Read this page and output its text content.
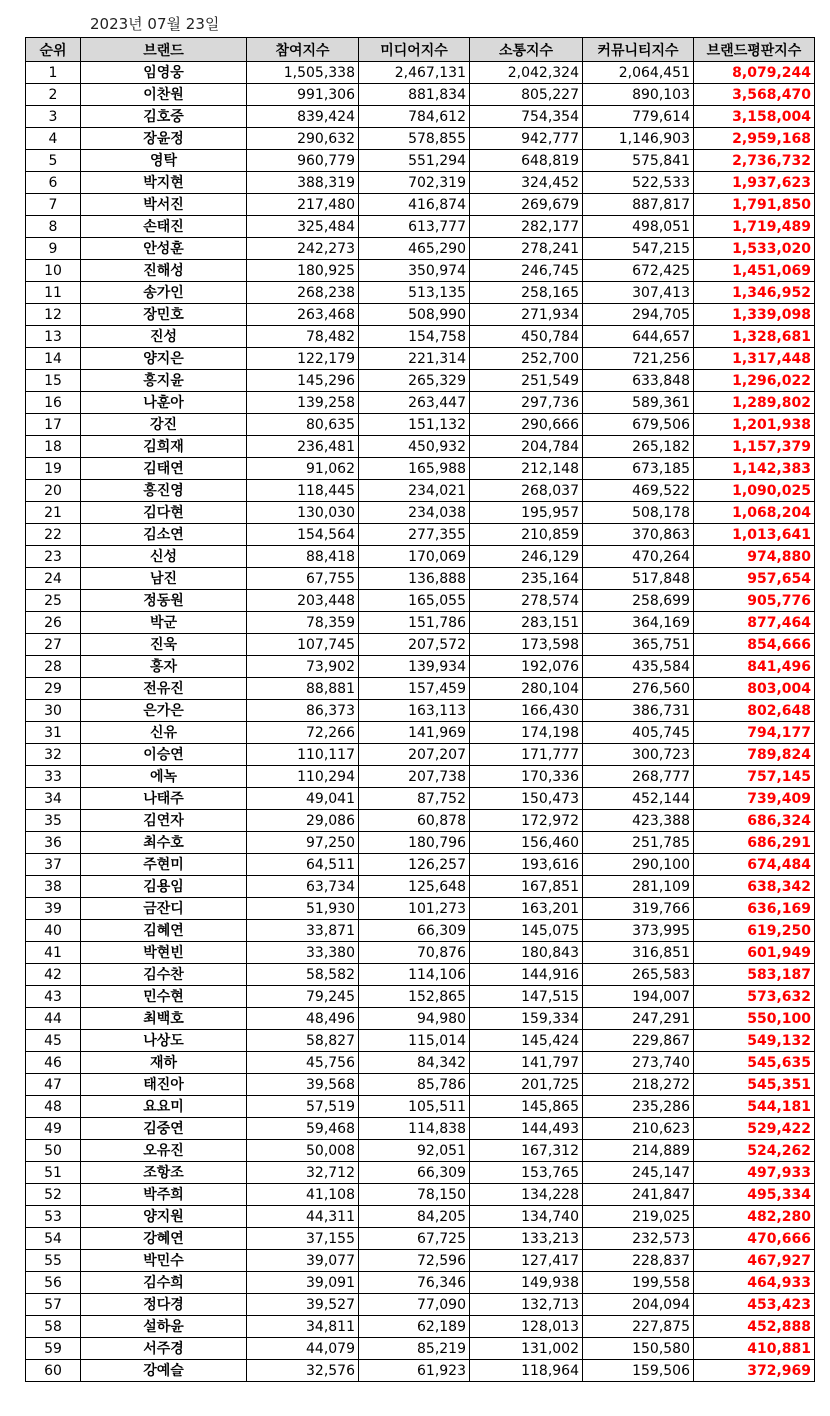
2023년 07월 23일
순위	브랜드	참여지수	미디어지수	소통지수	커뮤니티지수	브랜드평판지수
1	임영웅	1,505,338	2,467,131	2,042,324	2,064,451	8,079,244
2	이찬원	991,306	881,834	805,227	890,103	3,568,470
3	김호중	839,424	784,612	754,354	779,614	3,158,004
4	장윤정	290,632	578,855	942,777	1,146,903	2,959,168
5	영탁	960,779	551,294	648,819	575,841	2,736,732
6	박지현	388,319	702,319	324,452	522,533	1,937,623
7	박서진	217,480	416,874	269,679	887,817	1,791,850
8	손태진	325,484	613,777	282,177	498,051	1,719,489
9	안성훈	242,273	465,290	278,241	547,215	1,533,020
10	진해성	180,925	350,974	246,745	672,425	1,451,069
11	송가인	268,238	513,135	258,165	307,413	1,346,952
12	장민호	263,468	508,990	271,934	294,705	1,339,098
13	진성	78,482	154,758	450,784	644,657	1,328,681
14	양지은	122,179	221,314	252,700	721,256	1,317,448
15	홍지윤	145,296	265,329	251,549	633,848	1,296,022
16	나훈아	139,258	263,447	297,736	589,361	1,289,802
17	강진	80,635	151,132	290,666	679,506	1,201,938
18	김희재	236,481	450,932	204,784	265,182	1,157,379
19	김태연	91,062	165,988	212,148	673,185	1,142,383
20	홍진영	118,445	234,021	268,037	469,522	1,090,025
21	김다현	130,030	234,038	195,957	508,178	1,068,204
22	김소연	154,564	277,355	210,859	370,863	1,013,641
23	신성	88,418	170,069	246,129	470,264	974,880
24	남진	67,755	136,888	235,164	517,848	957,654
25	정동원	203,448	165,055	278,574	258,699	905,776
26	박군	78,359	151,786	283,151	364,169	877,464
27	진욱	107,745	207,572	173,598	365,751	854,666
28	홍자	73,902	139,934	192,076	435,584	841,496
29	전유진	88,881	157,459	280,104	276,560	803,004
30	은가은	86,373	163,113	166,430	386,731	802,648
31	신유	72,266	141,969	174,198	405,745	794,177
32	이승연	110,117	207,207	171,777	300,723	789,824
33	에녹	110,294	207,738	170,336	268,777	757,145
34	나태주	49,041	87,752	150,473	452,144	739,409
35	김연자	29,086	60,878	172,972	423,388	686,324
36	최수호	97,250	180,796	156,460	251,785	686,291
37	주현미	64,511	126,257	193,616	290,100	674,484
38	김용임	63,734	125,648	167,851	281,109	638,342
39	금잔디	51,930	101,273	163,201	319,766	636,169
40	김혜연	33,871	66,309	145,075	373,995	619,250
41	박현빈	33,380	70,876	180,843	316,851	601,949
42	김수찬	58,582	114,106	144,916	265,583	583,187
43	민수현	79,245	152,865	147,515	194,007	573,632
44	최백호	48,496	94,980	159,334	247,291	550,100
45	나상도	58,827	115,014	145,424	229,867	549,132
46	재하	45,756	84,342	141,797	273,740	545,635
47	태진아	39,568	85,786	201,725	218,272	545,351
48	요요미	57,519	105,511	145,865	235,286	544,181
49	김중연	59,468	114,838	144,493	210,623	529,422
50	오유진	50,008	92,051	167,312	214,889	524,262
51	조항조	32,712	66,309	153,765	245,147	497,933
52	박주희	41,108	78,150	134,228	241,847	495,334
53	양지원	44,311	84,205	134,740	219,025	482,280
54	강혜연	37,155	67,725	133,213	232,573	470,666
55	박민수	39,077	72,596	127,417	228,837	467,927
56	김수희	39,091	76,346	149,938	199,558	464,933
57	정다경	39,527	77,090	132,713	204,094	453,423
58	설하윤	34,811	62,189	128,013	227,875	452,888
59	서주경	44,079	85,219	131,002	150,580	410,881
60	강예슬	32,576	61,923	118,964	159,506	372,969
